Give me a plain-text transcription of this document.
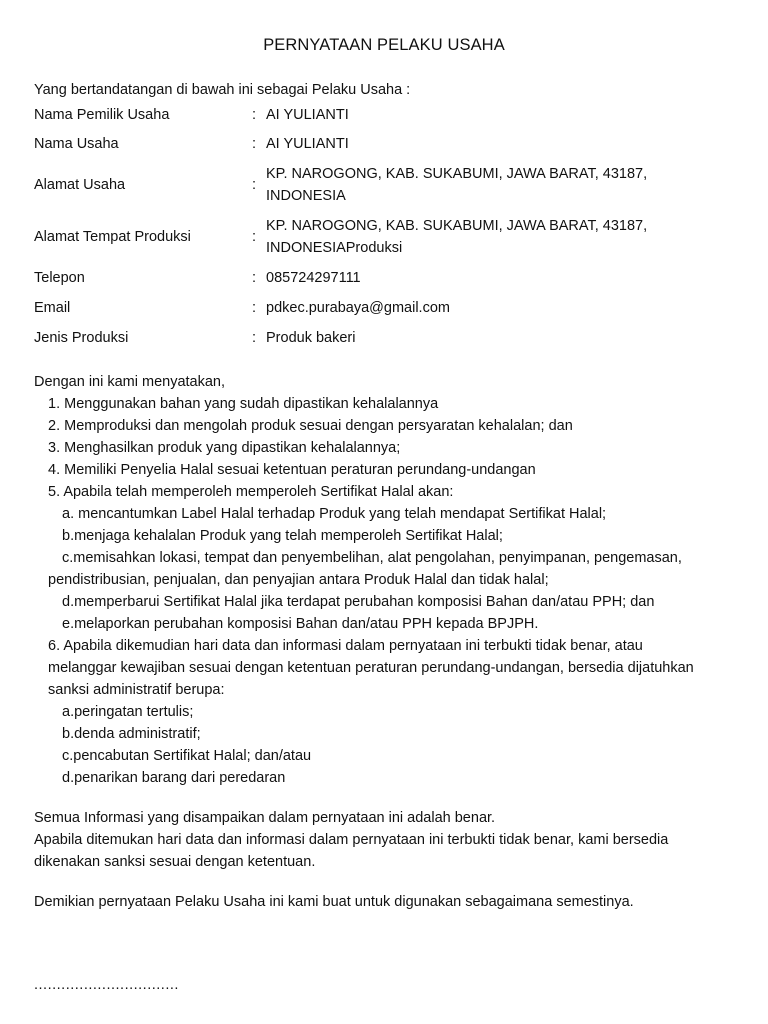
PERNYATAAN PELAKU USAHA
Yang bertandatangan di bawah ini sebagai Pelaku Usaha :
Nama Pemilik Usaha	:	AI YULIANTI
Nama Usaha	:	AI YULIANTI
Alamat Usaha	:	KP. NAROGONG, KAB. SUKABUMI, JAWA BARAT, 43187,
INDONESIA

Alamat Tempat Produksi	:	KP. NAROGONG, KAB. SUKABUMI, JAWA BARAT, 43187,
INDONESIAProduksi

Telepon	:	085724297111
Email	:	pdkec.purabaya@gmail.com
Jenis Produksi	:	Produk bakeri
Dengan ini kami menyatakan,
1. Menggunakan bahan yang sudah dipastikan kehalalannya
2. Memproduksi dan mengolah produk sesuai dengan persyaratan kehalalan; dan
3. Menghasilkan produk yang dipastikan kehalalannya;
4. Memiliki Penyelia Halal sesuai ketentuan peraturan perundang-undangan
5. Apabila telah memperoleh memperoleh Sertifikat Halal akan:
a. mencantumkan Label Halal terhadap Produk yang telah mendapat Sertifikat Halal;
b.menjaga kehalalan Produk yang telah memperoleh Sertifikat Halal;
c.memisahkan lokasi, tempat dan penyembelihan, alat pengolahan, penyimpanan, pengemasan,
pendistribusian, penjualan, dan penyajian antara Produk Halal dan tidak halal;
d.memperbarui Sertifikat Halal jika terdapat perubahan komposisi Bahan dan/atau PPH; dan
e.melaporkan perubahan komposisi Bahan dan/atau PPH kepada BPJPH.
6. Apabila dikemudian hari data dan informasi dalam pernyataan ini terbukti tidak benar, atau
melanggar kewajiban sesuai dengan ketentuan peraturan perundang-undangan, bersedia dijatuhkan
sanksi administratif berupa:
a.peringatan tertulis;
b.denda administratif;
c.pencabutan Sertifikat Halal; dan/atau
d.penarikan barang dari peredaran
Semua Informasi yang disampaikan dalam pernyataan ini adalah benar.
Apabila ditemukan hari data dan informasi dalam pernyataan ini terbukti tidak benar, kami bersedia
dikenakan sanksi sesuai dengan ketentuan.
Demikian pernyataan Pelaku Usaha ini kami buat untuk digunakan sebagaimana semestinya.
................................
